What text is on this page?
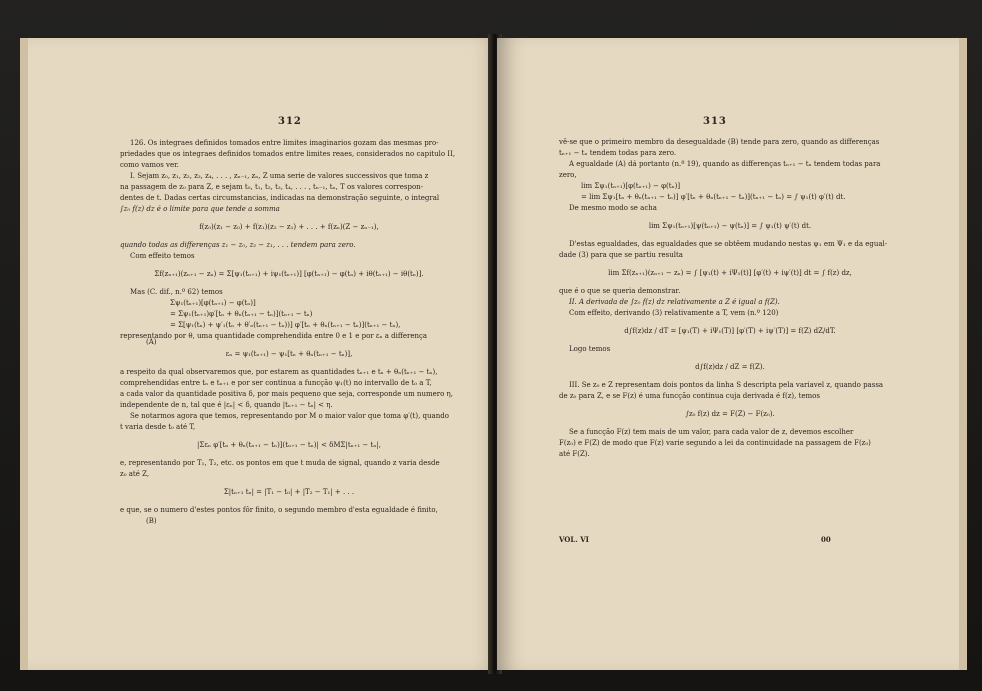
312

126. Os integraes definidos tomados entre limites imaginarios gozam das mesmas pro-

priedades que os integraes definidos tomados entre limites reaes, considerados no capitulo II,

como vamos ver.

I. Sejam z₀, z₁, z₂, z₃, z₄, . . . , zₙ₋₁, zₙ, Z uma serie de valores successivos que toma z

na passagem de z₀ para Z, e sejam t₀, t₁, t₂, t₃, t₄, . . . , tₙ₋₁, tₙ, T os valores correspon-

dentes de t. Dadas certas circumstancias, indicadas na demonstração seguinte, o integral

∫z₀ f(z) dz é o limite para que tende a somma

f(z₀)(z₁ − z₀) + f(z₁)(z₂ − z₁) + . . . + f(zₙ)(Z − zₙ₋₁),

quando todas as differenças z₁ − z₀, z₂ − z₁, . . . tendem para zero.

Com effeito temos

Σf(zₙ₊₁)(zₙ₊₁ − zₙ) = Σ[ψ₁(tₙ₊₁) + iψ₁(tₙ₊₁)] [φ(tₙ₊₁) − φ(tₙ) + iθ(tₙ₊₁) − iθ(tₙ)].

Mas (C. dif., n.º 62) temos

Σψ₁(tₙ₊₁)[φ(tₙ₊₁) − φ(tₙ)]

= Σψ₁(tₙ₊₁)φ′[tₙ + θₙ(tₙ₊₁ − tₙ)](tₙ₊₁ − tₙ)

= Σ[ψ₁(tₙ) + ψ′₁(tₙ + θ′ₙ(tₙ₊₁ − tₙ))] φ′[tₙ + θₙ(tₙ₊₁ − tₙ)](tₙ₊₁ − tₙ),

representando por θ, uma quantidade comprehendida entre 0 e 1 e por εₙ a differença

εₙ = ψ₁(tₙ₊₁) − ψ₁[tₙ + θₙ(tₙ₊₁ − tₙ)],

a respeito da qual observaremos que, por estarem as quantidades tₙ₊₁ e tₙ + θₙ(tₙ₊₁ − tₙ),

comprehendidas entre tₙ e tₙ₊₁ e por ser continua a funcção ψ₁(t) no intervallo de t₀ a T,

a cada valor da quantidade positiva δ, por mais pequeno que seja, corresponde um numero η,

independente de n, tal que é |εₙ| < δ, quando |tₙ₊₁ − tₙ| < η.

Se notarmos agora que temos, representando por M o maior valor que toma φ′(t), quando

t varia desde t₀ até T,

|Σεₙ φ′[tₙ + θₙ(tₙ₊₁ − tₙ)](tₙ₊₁ − tₙ)| < δMΣ|tₙ₊₁ − tₙ|,

e, representando por T₁, T₂, etc. os pontos em que t muda de signal, quando z varia desde

z₀ até Z,

Σ|tₙ₊₁ tₙ| = |T₁ − t₀| + |T₂ − T₁| + . . .

e que, se o numero d'estes pontos fôr finito, o segundo membro d'esta egualdade é finito,

(A)
(B)
313

vê-se que o primeiro membro da desegualdade (B) tende para zero, quando as differenças

tₙ₊₁ − tₙ tendem todas para zero.

A egualdade (A) dá portanto (n.º 19), quando as differenças tₙ₊₁ − tₙ tendem todas para

zero,

lim Σψ₁(tₙ₊₁)[φ(tₙ₊₁) − φ(tₙ)]

= lim Σψ₁[tₙ + θₙ(tₙ₊₁ − tₙ)] φ′[tₙ + θₙ(tₙ₊₁ − tₙ)](tₙ₊₁ − tₙ) = ∫ ψ₁(t) φ′(t) dt.

De mesmo modo se acha

lim Σψ₁(tₙ₊₁)[ψ(tₙ₊₁) − ψ(tₙ)] = ∫ ψ₁(t) ψ′(t) dt.

D'estas egualdades, das egualdades que se obtêem mudando nestas ψ₁ em Ψ₁ e da egual-

dade (3) para que se partiu resulta

lim Σf(zₙ₊₁)(zₙ₊₁ − zₙ) = ∫ [ψ₁(t) + iΨ₁(t)] [φ′(t) + iψ′(t)] dt = ∫ f(z) dz,

que é o que se queria demonstrar.

II. A derivada de ∫z₀ f(z) dz relativamente a Z é igual a f(Z).

Com effeito, derivando (3) relativamente a T, vem (n.º 120)

d∫f(z)dz / dT = [ψ₁(T) + iΨ₁(T)] [φ′(T) + iψ′(T)] = f(Z) dZ/dT.

Logo temos

d∫f(z)dz / dZ = f(Z).

III. Se z₀ e Z representam dois pontos da linha S descripta pela variavel z, quando passa

de z₀ para Z, e se F(z) é uma funcção continua cuja derivada é f(z), temos

∫z₀ f(z) dz = F(Z) − F(z₀).

Se a funcção F(z) tem mais de um valor, para cada valor de z, devemos escolher

F(z₀) e F(Z) de modo que F(z) varie segundo a lei da continuidade na passagem de F(z₀)

até F(Z).

VOL. VI	00
